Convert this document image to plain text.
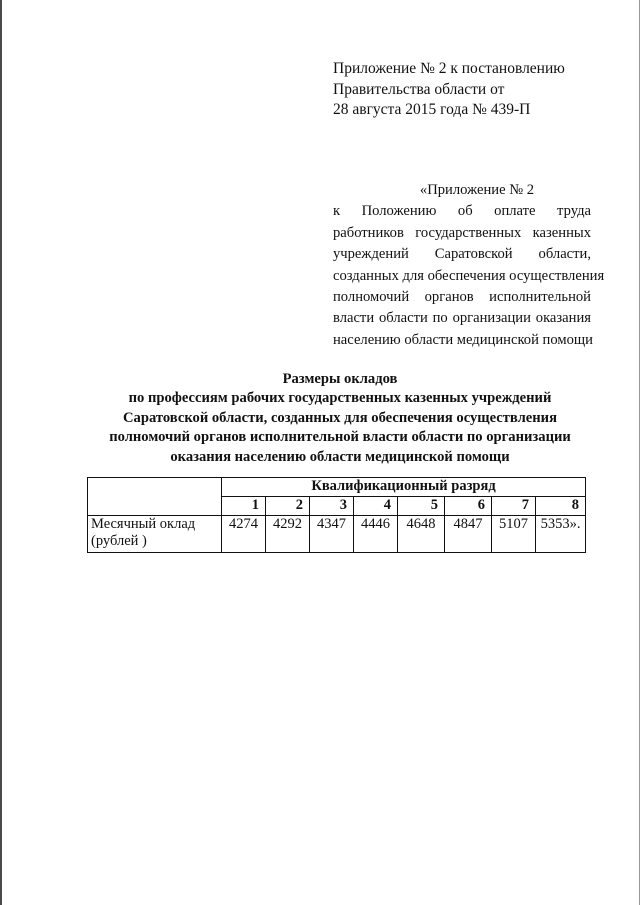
Приложение № 2 к постановлению
Правительства области от
28 августа 2015 года № 439-П
«Приложение № 2
к Положению об оплате труда
работников государственных казенных
учреждений Саратовской области,
созданных для обеспечения осуществления
полномочий органов исполнительной
власти области по организации оказания
населению области медицинской помощи
Размеры окладов
по профессиям рабочих государственных казенных учреждений
Саратовской области, созданных для обеспечения осуществления
полномочий органов исполнительной власти области по организации
оказания населению области медицинской помощи
	Квалификационный разряд							
	1	2	3	4	5	6	7	8
Месячный оклад (рублей )	4274	4292	4347	4446	4648	4847	5107	5353».
